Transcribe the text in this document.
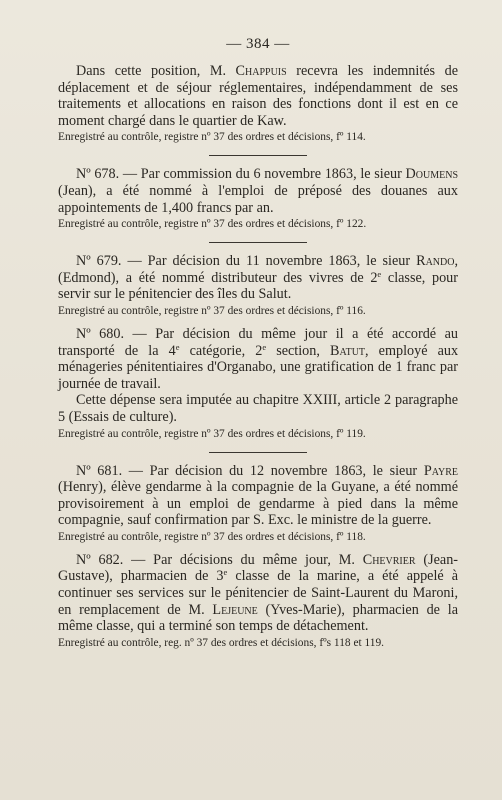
— 384 —

Dans cette position, M. Chappuis recevra les indemnités de déplacement et de séjour réglementaires, indépendamment de ses traitements et allocations en raison des fonctions dont il est en ce moment chargé dans le quartier de Kaw.

Enregistré au contrôle, registre nº 37 des ordres et décisions, fº 114.

Nº 678. — Par commission du 6 novembre 1863, le sieur Doumens (Jean), a été nommé à l'emploi de préposé des douanes aux appointements de 1,400 francs par an.

Enregistré au contrôle, registre nº 37 des ordres et décisions, fº 122.

Nº 679. — Par décision du 11 novembre 1863, le sieur Rando, (Edmond), a été nommé distributeur des vivres de 2e classe, pour servir sur le pénitencier des îles du Salut.

Enregistré au contrôle, registre nº 37 des ordres et décisions, fº 116.

Nº 680. — Par décision du même jour il a été accordé au transporté de la 4e catégorie, 2e section, Batut, employé aux ménageries pénitentiaires d'Organabo, une gratification de 1 franc par journée de travail.

Cette dépense sera imputée au chapitre XXIII, article 2 paragraphe 5 (Essais de culture).

Enregistré au contrôle, registre nº 37 des ordres et décisions, fº 119.

Nº 681. — Par décision du 12 novembre 1863, le sieur Payre (Henry), élève gendarme à la compagnie de la Guyane, a été nommé provisoirement à un emploi de gendarme à pied dans la même compagnie, sauf confirmation par S. Exc. le ministre de la guerre.

Enregistré au contrôle, registre nº 37 des ordres et décisions, fº 118.

Nº 682. — Par décisions du même jour, M. Chevrier (Jean-Gustave), pharmacien de 3e classe de la marine, a été appelé à continuer ses services sur le pénitencier de Saint-Laurent du Maroni, en remplacement de M. Lejeune (Yves-Marie), pharmacien de la même classe, qui a terminé son temps de détachement.

Enregistré au contrôle, reg. nº 37 des ordres et décisions, fºs 118 et 119.
